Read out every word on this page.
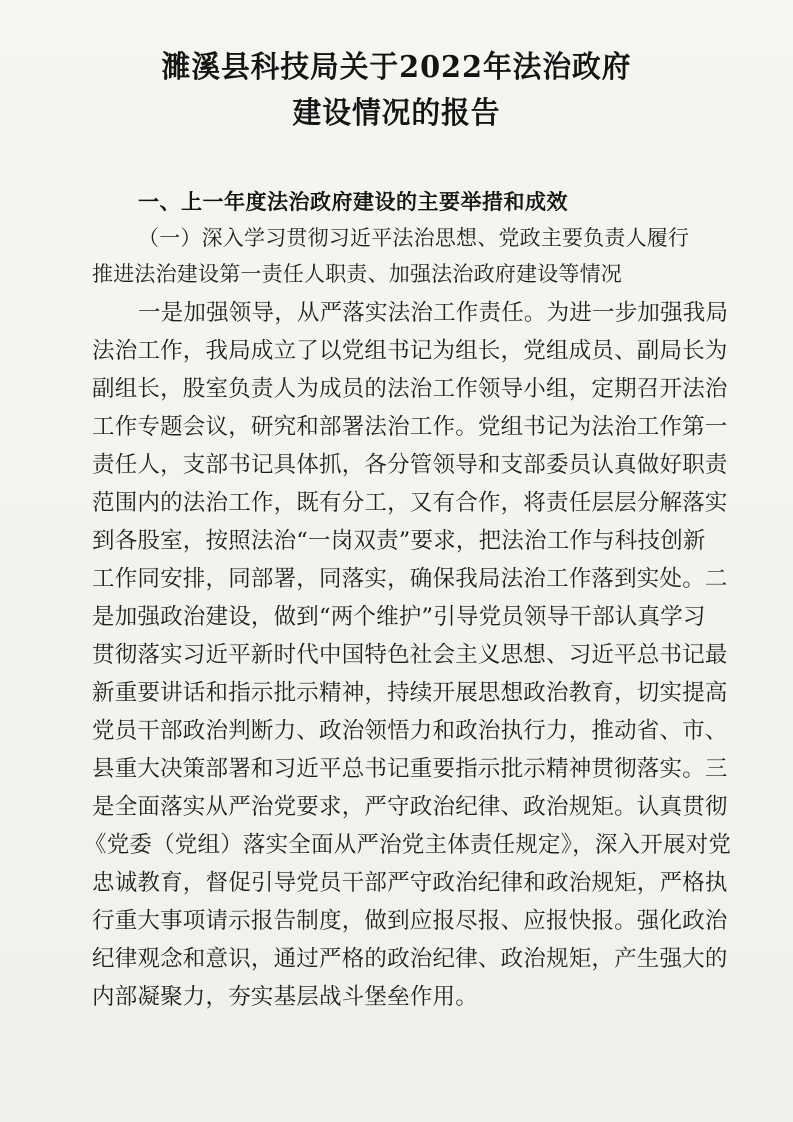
濉溪县科技局关于2022年法治政府
建设情况的报告
一、上一年度法治政府建设的主要举措和成效
（一）深入学习贯彻习近平法治思想、党政主要负责人履行
推进法治建设第一责任人职责、加强法治政府建设等情况
一是加强领导，从严落实法治工作责任。为进一步加强我局
法治工作，我局成立了以党组书记为组长，党组成员、副局长为
副组长，股室负责人为成员的法治工作领导小组，定期召开法治
工作专题会议，研究和部署法治工作。党组书记为法治工作第一
责任人，支部书记具体抓，各分管领导和支部委员认真做好职责
范围内的法治工作，既有分工，又有合作，将责任层层分解落实
到各股室，按照法治“一岗双责”要求，把法治工作与科技创新
工作同安排，同部署，同落实，确保我局法治工作落到实处。二
是加强政治建设，做到“两个维护”引导党员领导干部认真学习
贯彻落实习近平新时代中国特色社会主义思想、习近平总书记最
新重要讲话和指示批示精神，持续开展思想政治教育，切实提高
党员干部政治判断力、政治领悟力和政治执行力，推动省、市、
县重大决策部署和习近平总书记重要指示批示精神贯彻落实。三
是全面落实从严治党要求，严守政治纪律、政治规矩。认真贯彻
《党委（党组）落实全面从严治党主体责任规定》，深入开展对党
忠诚教育，督促引导党员干部严守政治纪律和政治规矩，严格执
行重大事项请示报告制度，做到应报尽报、应报快报。强化政治
纪律观念和意识，通过严格的政治纪律、政治规矩，产生强大的
内部凝聚力，夯实基层战斗堡垒作用。
